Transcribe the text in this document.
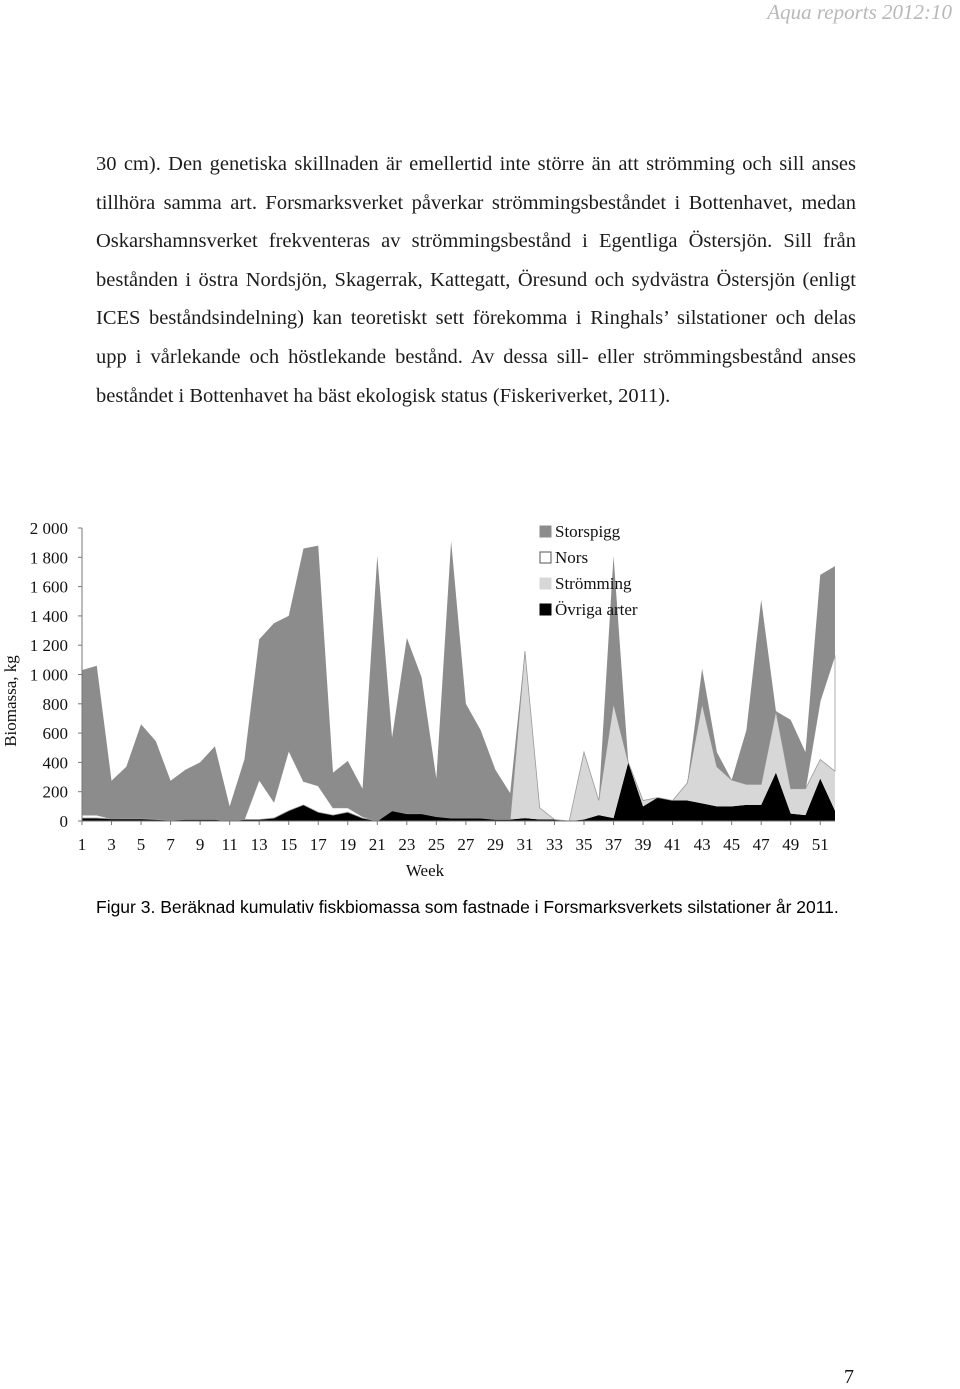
Aqua reports 2012:10

30 cm). Den genetiska skillnaden är emellertid inte större än att strömming och sill anses tillhöra samma art. Forsmarksverket påverkar strömmingsbeståndet i Bottenhavet, medan Oskarshamnsverket frekventeras av strömmingsbestånd i Egentliga Östersjön. Sill från bestånden i östra Nordsjön, Skagerrak, Kattegatt, Öresund och sydvästra Östersjön (enligt ICES beståndsindelning) kan teoretiskt sett förekomma i Ringhals’ silstationer och delas upp i vårlekande och höstlekande bestånd. Av dessa sill- eller strömmingsbestånd anses beståndet i Bottenhavet ha bäst ekologisk status (Fiskeriverket, 2011).

0
200
400
600
800
1 000
1 200
1 400
1 600
1 800
2 000
1 3 5 7 9 11 13 15 17 19 21 23 25 27 29 31 33 35 37 39 41 43 45 47 49 51
Storspigg
Nors
Strömming
Övriga arter
Week
Biomassa, kg

Figur 3. Beräknad kumulativ fiskbiomassa som fastnade i Forsmarksverkets silstationer år 2011.

7
